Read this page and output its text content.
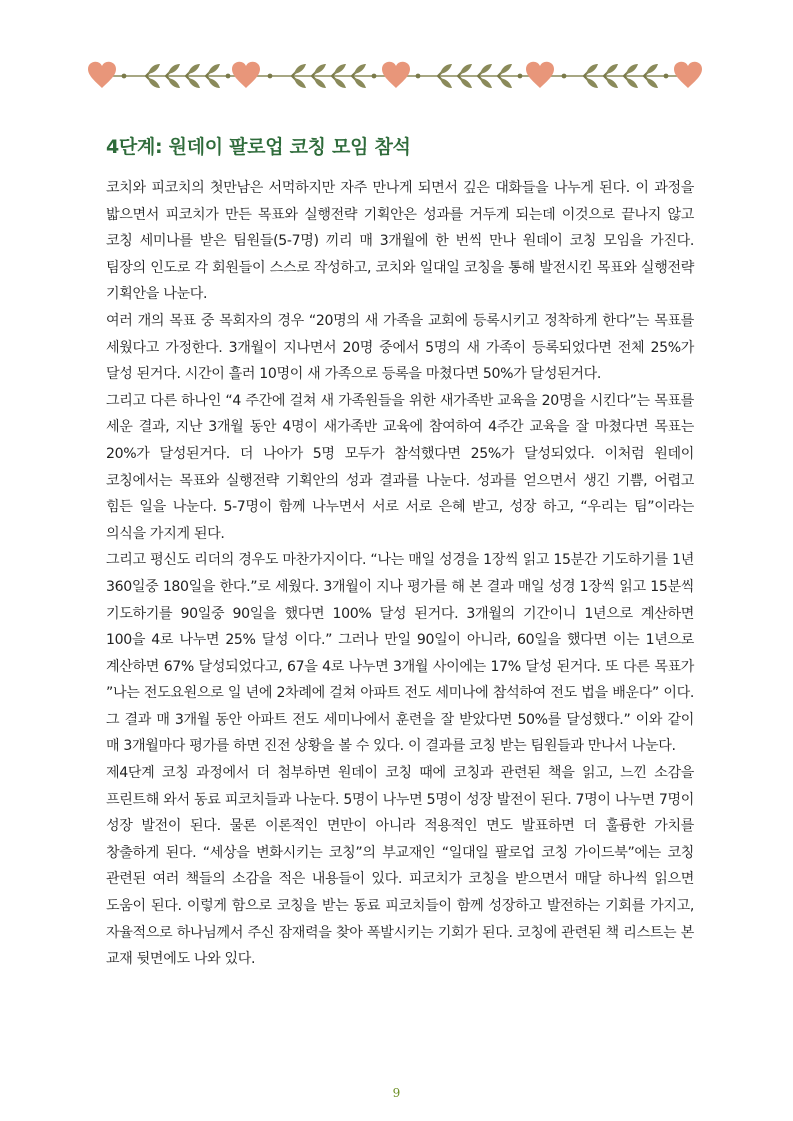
4단계: 원데이 팔로업 코칭 모임 참석

코치와 피코치의 첫만남은 서먹하지만 자주 만나게 되면서 깊은 대화들을 나누게 된다. 이 과정을 밟으면서 피코치가 만든 목표와 실행전략 기획안은 성과를 거두게 되는데 이것으로 끝나지 않고 코칭 세미나를 받은 팀원들(5-7명) 끼리 매 3개월에 한 번씩 만나 원데이 코칭 모임을 가진다. 팀장의 인도로 각 회원들이 스스로 작성하고, 코치와 일대일 코칭을 통해 발전시킨 목표와 실행전략 기획안을 나눈다.

여러 개의 목표 중 목회자의 경우 “20명의 새 가족을 교회에 등록시키고 정착하게 한다”는 목표를 세웠다고 가정한다. 3개월이 지나면서 20명 중에서 5명의 새 가족이 등록되었다면 전체 25%가 달성 된거다. 시간이 흘러 10명이 새 가족으로 등록을 마쳤다면 50%가 달성된거다.

그리고 다른 하나인 “4 주간에 걸쳐 새 가족원들을 위한 새가족반 교육을 20명을 시킨다”는 목표를 세운 결과, 지난 3개월 동안 4명이 새가족반 교육에 참여하여 4주간 교육을 잘 마쳤다면 목표는 20%가 달성된거다. 더 나아가 5명 모두가 참석했다면 25%가 달성되었다. 이처럼 원데이 코칭에서는 목표와 실행전략 기획안의 성과 결과를 나눈다. 성과를 얻으면서 생긴 기쁨, 어렵고 힘든 일을 나눈다. 5-7명이 함께 나누면서 서로 서로 은혜 받고, 성장 하고, “우리는 팀”이라는 의식을 가지게 된다.

그리고 평신도 리더의 경우도 마찬가지이다. “나는 매일 성경을 1장씩 읽고 15분간 기도하기를 1년 360일중 180일을 한다.”로 세웠다. 3개월이 지나 평가를 해 본 결과 매일 성경 1장씩 읽고 15분씩 기도하기를 90일중 90일을 했다면 100% 달성 된거다. 3개월의 기간이니 1년으로 계산하면 100을 4로 나누면 25% 달성 이다.” 그러나 만일 90일이 아니라, 60일을 했다면 이는 1년으로 계산하면 67% 달성되었다고, 67을 4로 나누면 3개월 사이에는 17% 달성 된거다. 또 다른 목표가 ”나는 전도요원으로 일 년에 2차례에 걸쳐 아파트 전도 세미나에 참석하여 전도 법을 배운다” 이다. 그 결과 매 3개월 동안 아파트 전도 세미나에서 훈련을 잘 받았다면 50%를 달성했다.” 이와 같이 매 3개월마다 평가를 하면 진전 상황을 볼 수 있다. 이 결과를 코칭 받는 팀원들과 만나서 나눈다.

제4단계 코칭 과정에서 더 첨부하면 원데이 코칭 때에 코칭과 관련된 책을 읽고, 느낀 소감을 프린트해 와서 동료 피코치들과 나눈다. 5명이 나누면 5명이 성장 발전이 된다. 7명이 나누면 7명이 성장 발전이 된다. 물론 이론적인 면만이 아니라 적용적인 면도 발표하면 더 훌륭한 가치를 창출하게 된다. “세상을 변화시키는 코칭”의 부교재인 “일대일 팔로업 코칭 가이드북”에는 코칭 관련된 여러 책들의 소감을 적은 내용들이 있다. 피코치가 코칭을 받으면서 매달 하나씩 읽으면 도움이 된다. 이렇게 함으로 코칭을 받는 동료 피코치들이 함께 성장하고 발전하는 기회를 가지고, 자율적으로 하나님께서 주신 잠재력을 찾아 폭발시키는 기회가 된다. 코칭에 관련된 책 리스트는 본 교재 뒷면에도 나와 있다.

9
